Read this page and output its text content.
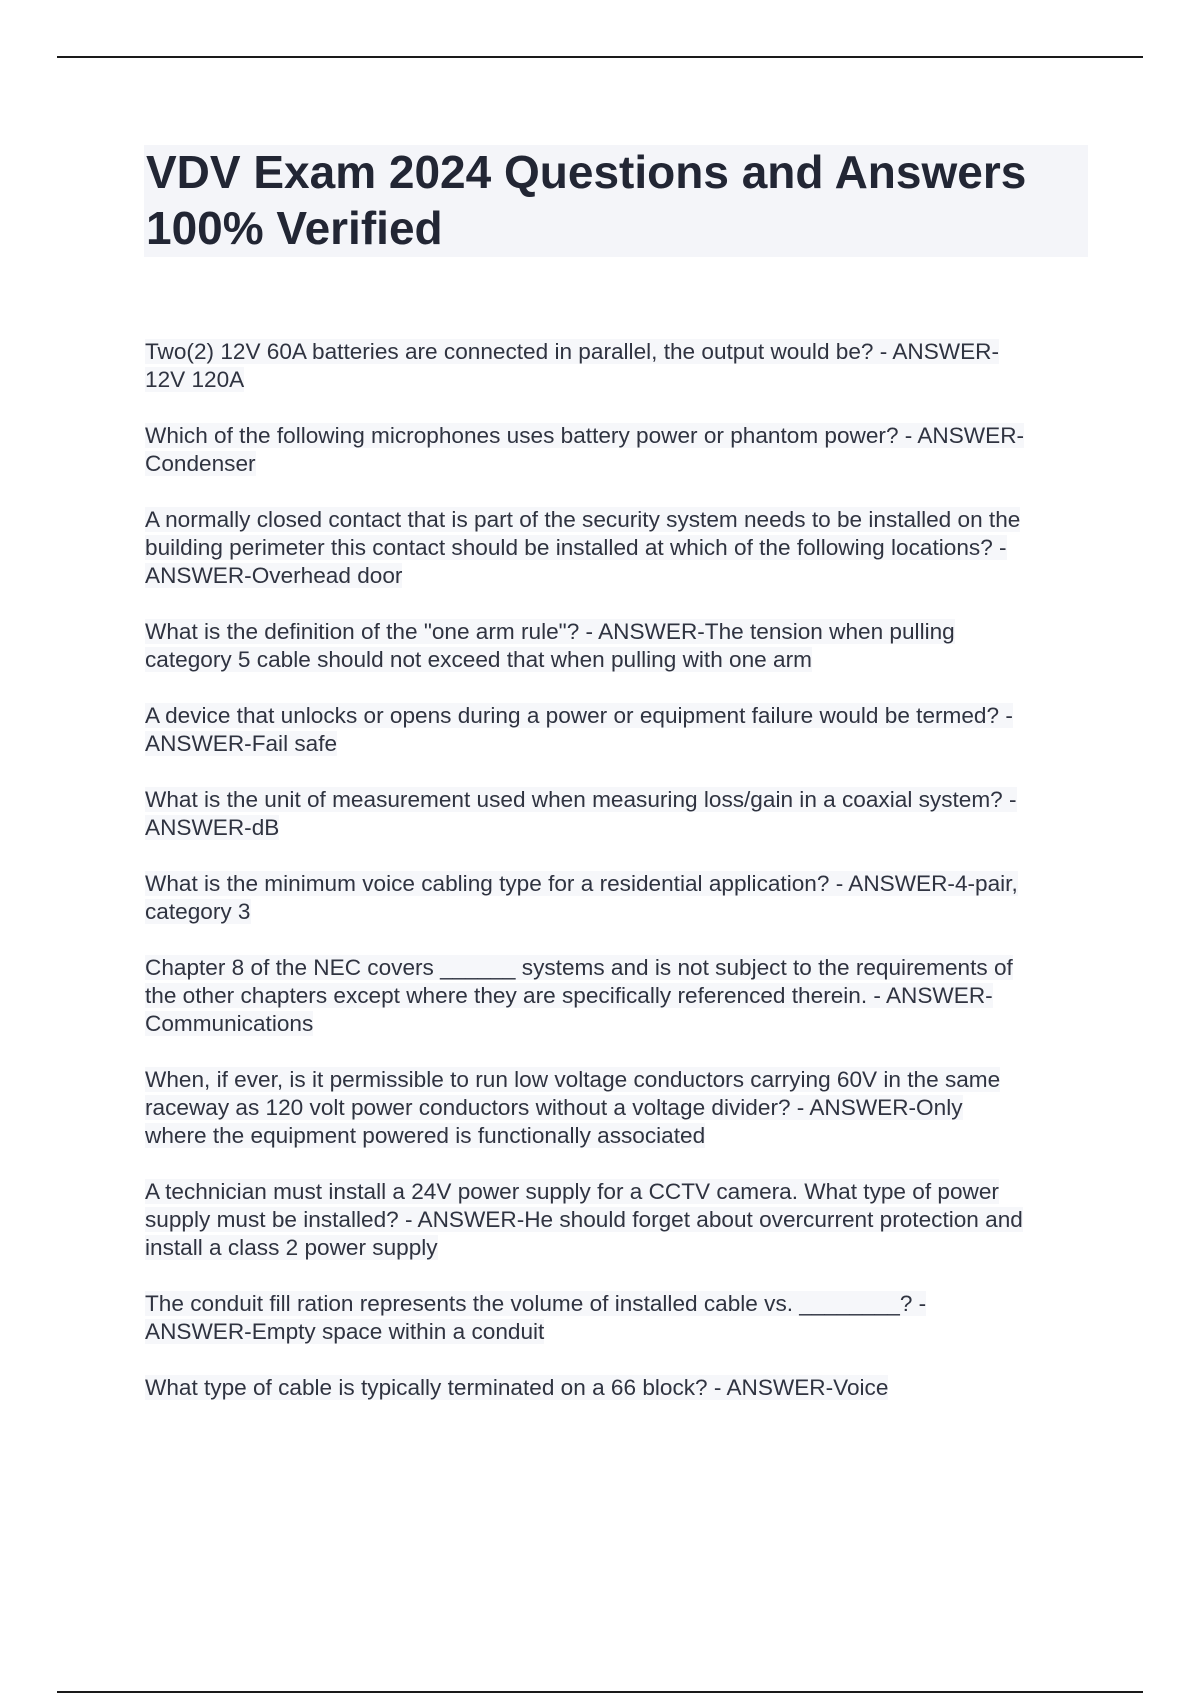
VDV Exam 2024 Questions and Answers
100% Verified
Two(2) 12V 60A batteries are connected in parallel, the output would be? - ANSWER-
12V 120A
Which of the following microphones uses battery power or phantom power? - ANSWER-
Condenser
A normally closed contact that is part of the security system needs to be installed on the
building perimeter this contact should be installed at which of the following locations? -
ANSWER-Overhead door
What is the definition of the "one arm rule"? - ANSWER-The tension when pulling
category 5 cable should not exceed that when pulling with one arm
A device that unlocks or opens during a power or equipment failure would be termed? -
ANSWER-Fail safe
What is the unit of measurement used when measuring loss/gain in a coaxial system? -
ANSWER-dB
What is the minimum voice cabling type for a residential application? - ANSWER-4-pair,
category 3
Chapter 8 of the NEC covers ______ systems and is not subject to the requirements of
the other chapters except where they are specifically referenced therein. - ANSWER-
Communications
When, if ever, is it permissible to run low voltage conductors carrying 60V in the same
raceway as 120 volt power conductors without a voltage divider? - ANSWER-Only
where the equipment powered is functionally associated
A technician must install a 24V power supply for a CCTV camera. What type of power
supply must be installed? - ANSWER-He should forget about overcurrent protection and
install a class 2 power supply
The conduit fill ration represents the volume of installed cable vs. ________? -
ANSWER-Empty space within a conduit
What type of cable is typically terminated on a 66 block? - ANSWER-Voice
